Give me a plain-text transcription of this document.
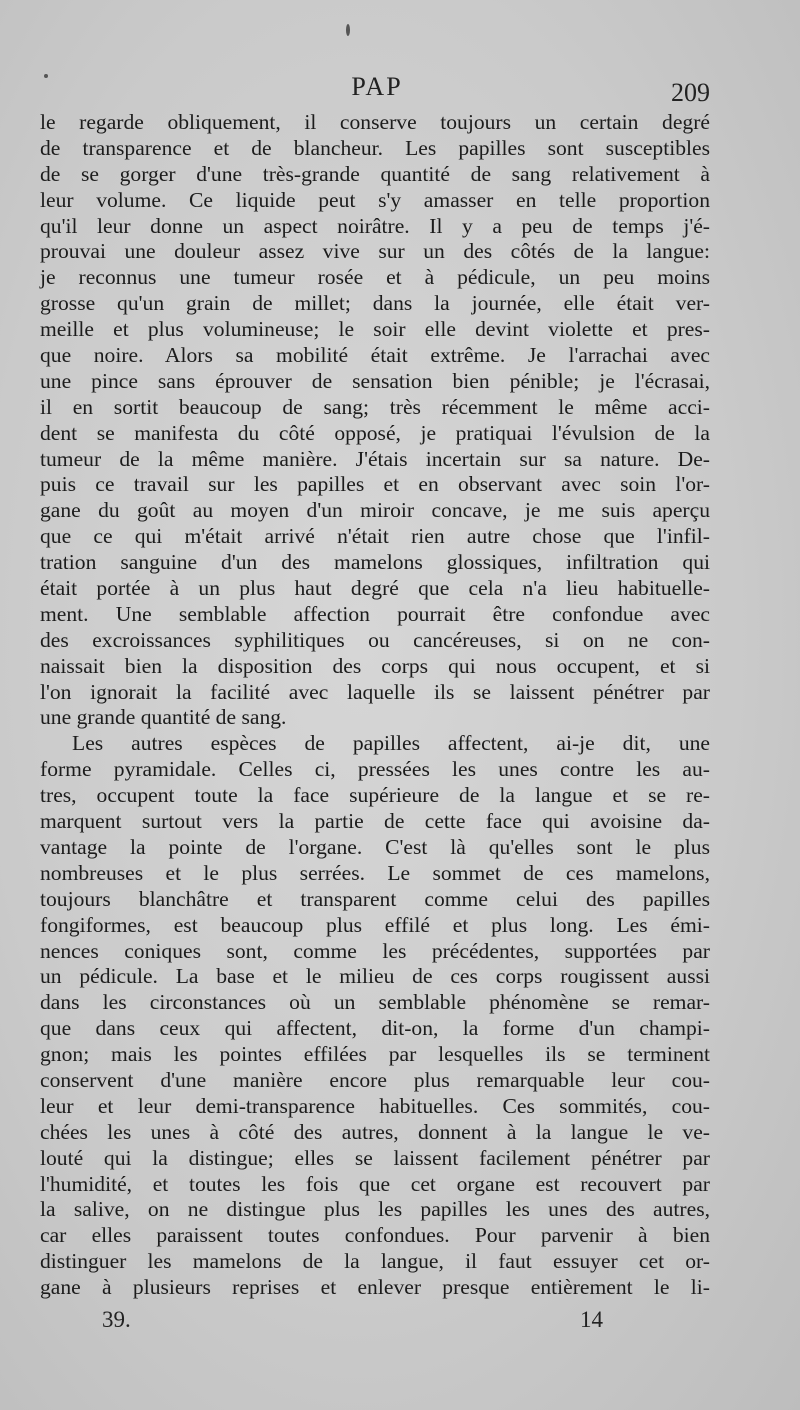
PAP	209
le regarde obliquement, il conserve toujours un certain degré
de transparence et de blancheur. Les papilles sont susceptibles
de se gorger d'une très-grande quantité de sang relativement à
leur volume. Ce liquide peut s'y amasser en telle proportion
qu'il leur donne un aspect noirâtre. Il y a peu de temps j'é-
prouvai une douleur assez vive sur un des côtés de la langue:
je reconnus une tumeur rosée et à pédicule, un peu moins
grosse qu'un grain de millet; dans la journée, elle était ver-
meille et plus volumineuse; le soir elle devint violette et pres-
que noire. Alors sa mobilité était extrême. Je l'arrachai avec
une pince sans éprouver de sensation bien pénible; je l'écrasai,
il en sortit beaucoup de sang; très récemment le même acci-
dent se manifesta du côté opposé, je pratiquai l'évulsion de la
tumeur de la même manière. J'étais incertain sur sa nature. De-
puis ce travail sur les papilles et en observant avec soin l'or-
gane du goût au moyen d'un miroir concave, je me suis aperçu
que ce qui m'était arrivé n'était rien autre chose que l'infil-
tration sanguine d'un des mamelons glossiques, infiltration qui
était portée à un plus haut degré que cela n'a lieu habituelle-
ment. Une semblable affection pourrait être confondue avec
des excroissances syphilitiques ou cancéreuses, si on ne con-
naissait bien la disposition des corps qui nous occupent, et si
l'on ignorait la facilité avec laquelle ils se laissent pénétrer par
une grande quantité de sang.
Les autres espèces de papilles affectent, ai-je dit, une
forme pyramidale. Celles ci, pressées les unes contre les au-
tres, occupent toute la face supérieure de la langue et se re-
marquent surtout vers la partie de cette face qui avoisine da-
vantage la pointe de l'organe. C'est là qu'elles sont le plus
nombreuses et le plus serrées. Le sommet de ces mamelons,
toujours blanchâtre et transparent comme celui des papilles
fongiformes, est beaucoup plus effilé et plus long. Les émi-
nences coniques sont, comme les précédentes, supportées par
un pédicule. La base et le milieu de ces corps rougissent aussi
dans les circonstances où un semblable phénomène se remar-
que dans ceux qui affectent, dit-on, la forme d'un champi-
gnon; mais les pointes effilées par lesquelles ils se terminent
conservent d'une manière encore plus remarquable leur cou-
leur et leur demi-transparence habituelles. Ces sommités, cou-
chées les unes à côté des autres, donnent à la langue le ve-
louté qui la distingue; elles se laissent facilement pénétrer par
l'humidité, et toutes les fois que cet organe est recouvert par
la salive, on ne distingue plus les papilles les unes des autres,
car elles paraissent toutes confondues. Pour parvenir à bien
distinguer les mamelons de la langue, il faut essuyer cet or-
gane à plusieurs reprises et enlever presque entièrement le li-
39.	14
